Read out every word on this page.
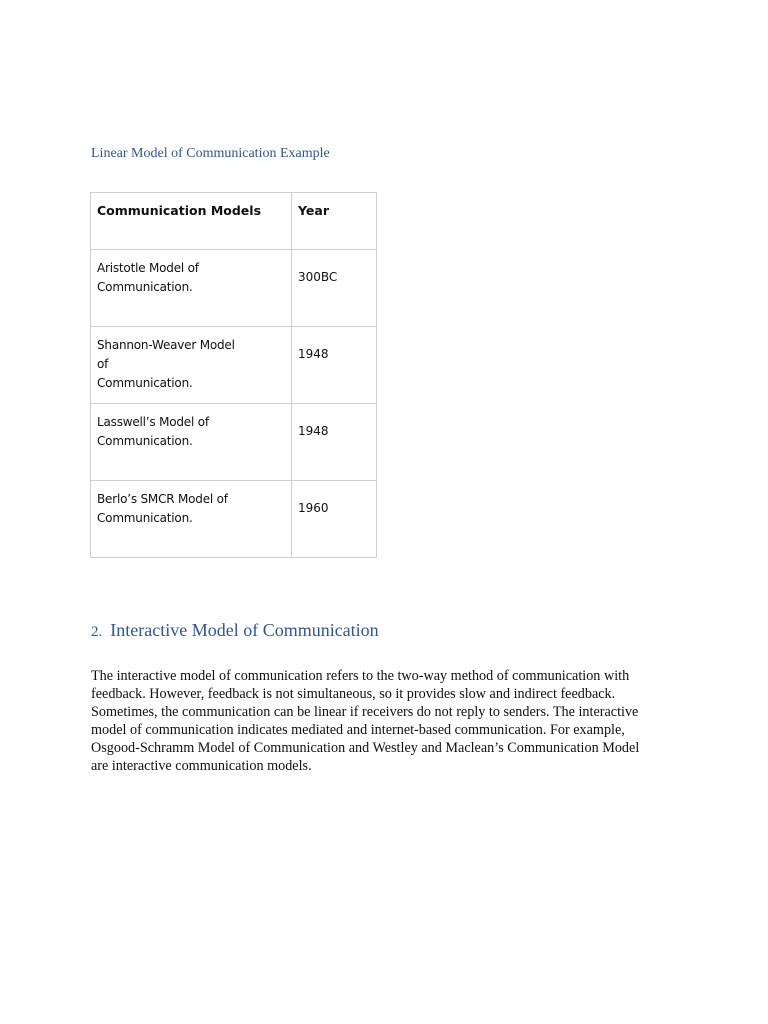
Linear Model of Communication Example

Communication Models	Year

Aristotle Model of
Communication.	300BC

Shannon-Weaver Model of
Communication.	1948

Lasswell’s Model of
Communication.	1948

Berlo’s SMCR Model of
Communication.	1960
2. Interactive Model of Communication

The interactive model of communication refers to the two-way method of communication with
feedback. However, feedback is not simultaneous, so it provides slow and indirect feedback.
Sometimes, the communication can be linear if receivers do not reply to senders. The interactive
model of communication indicates mediated and internet-based communication. For example,
Osgood-Schramm Model of Communication and Westley and Maclean’s Communication Model
are interactive communication models.
